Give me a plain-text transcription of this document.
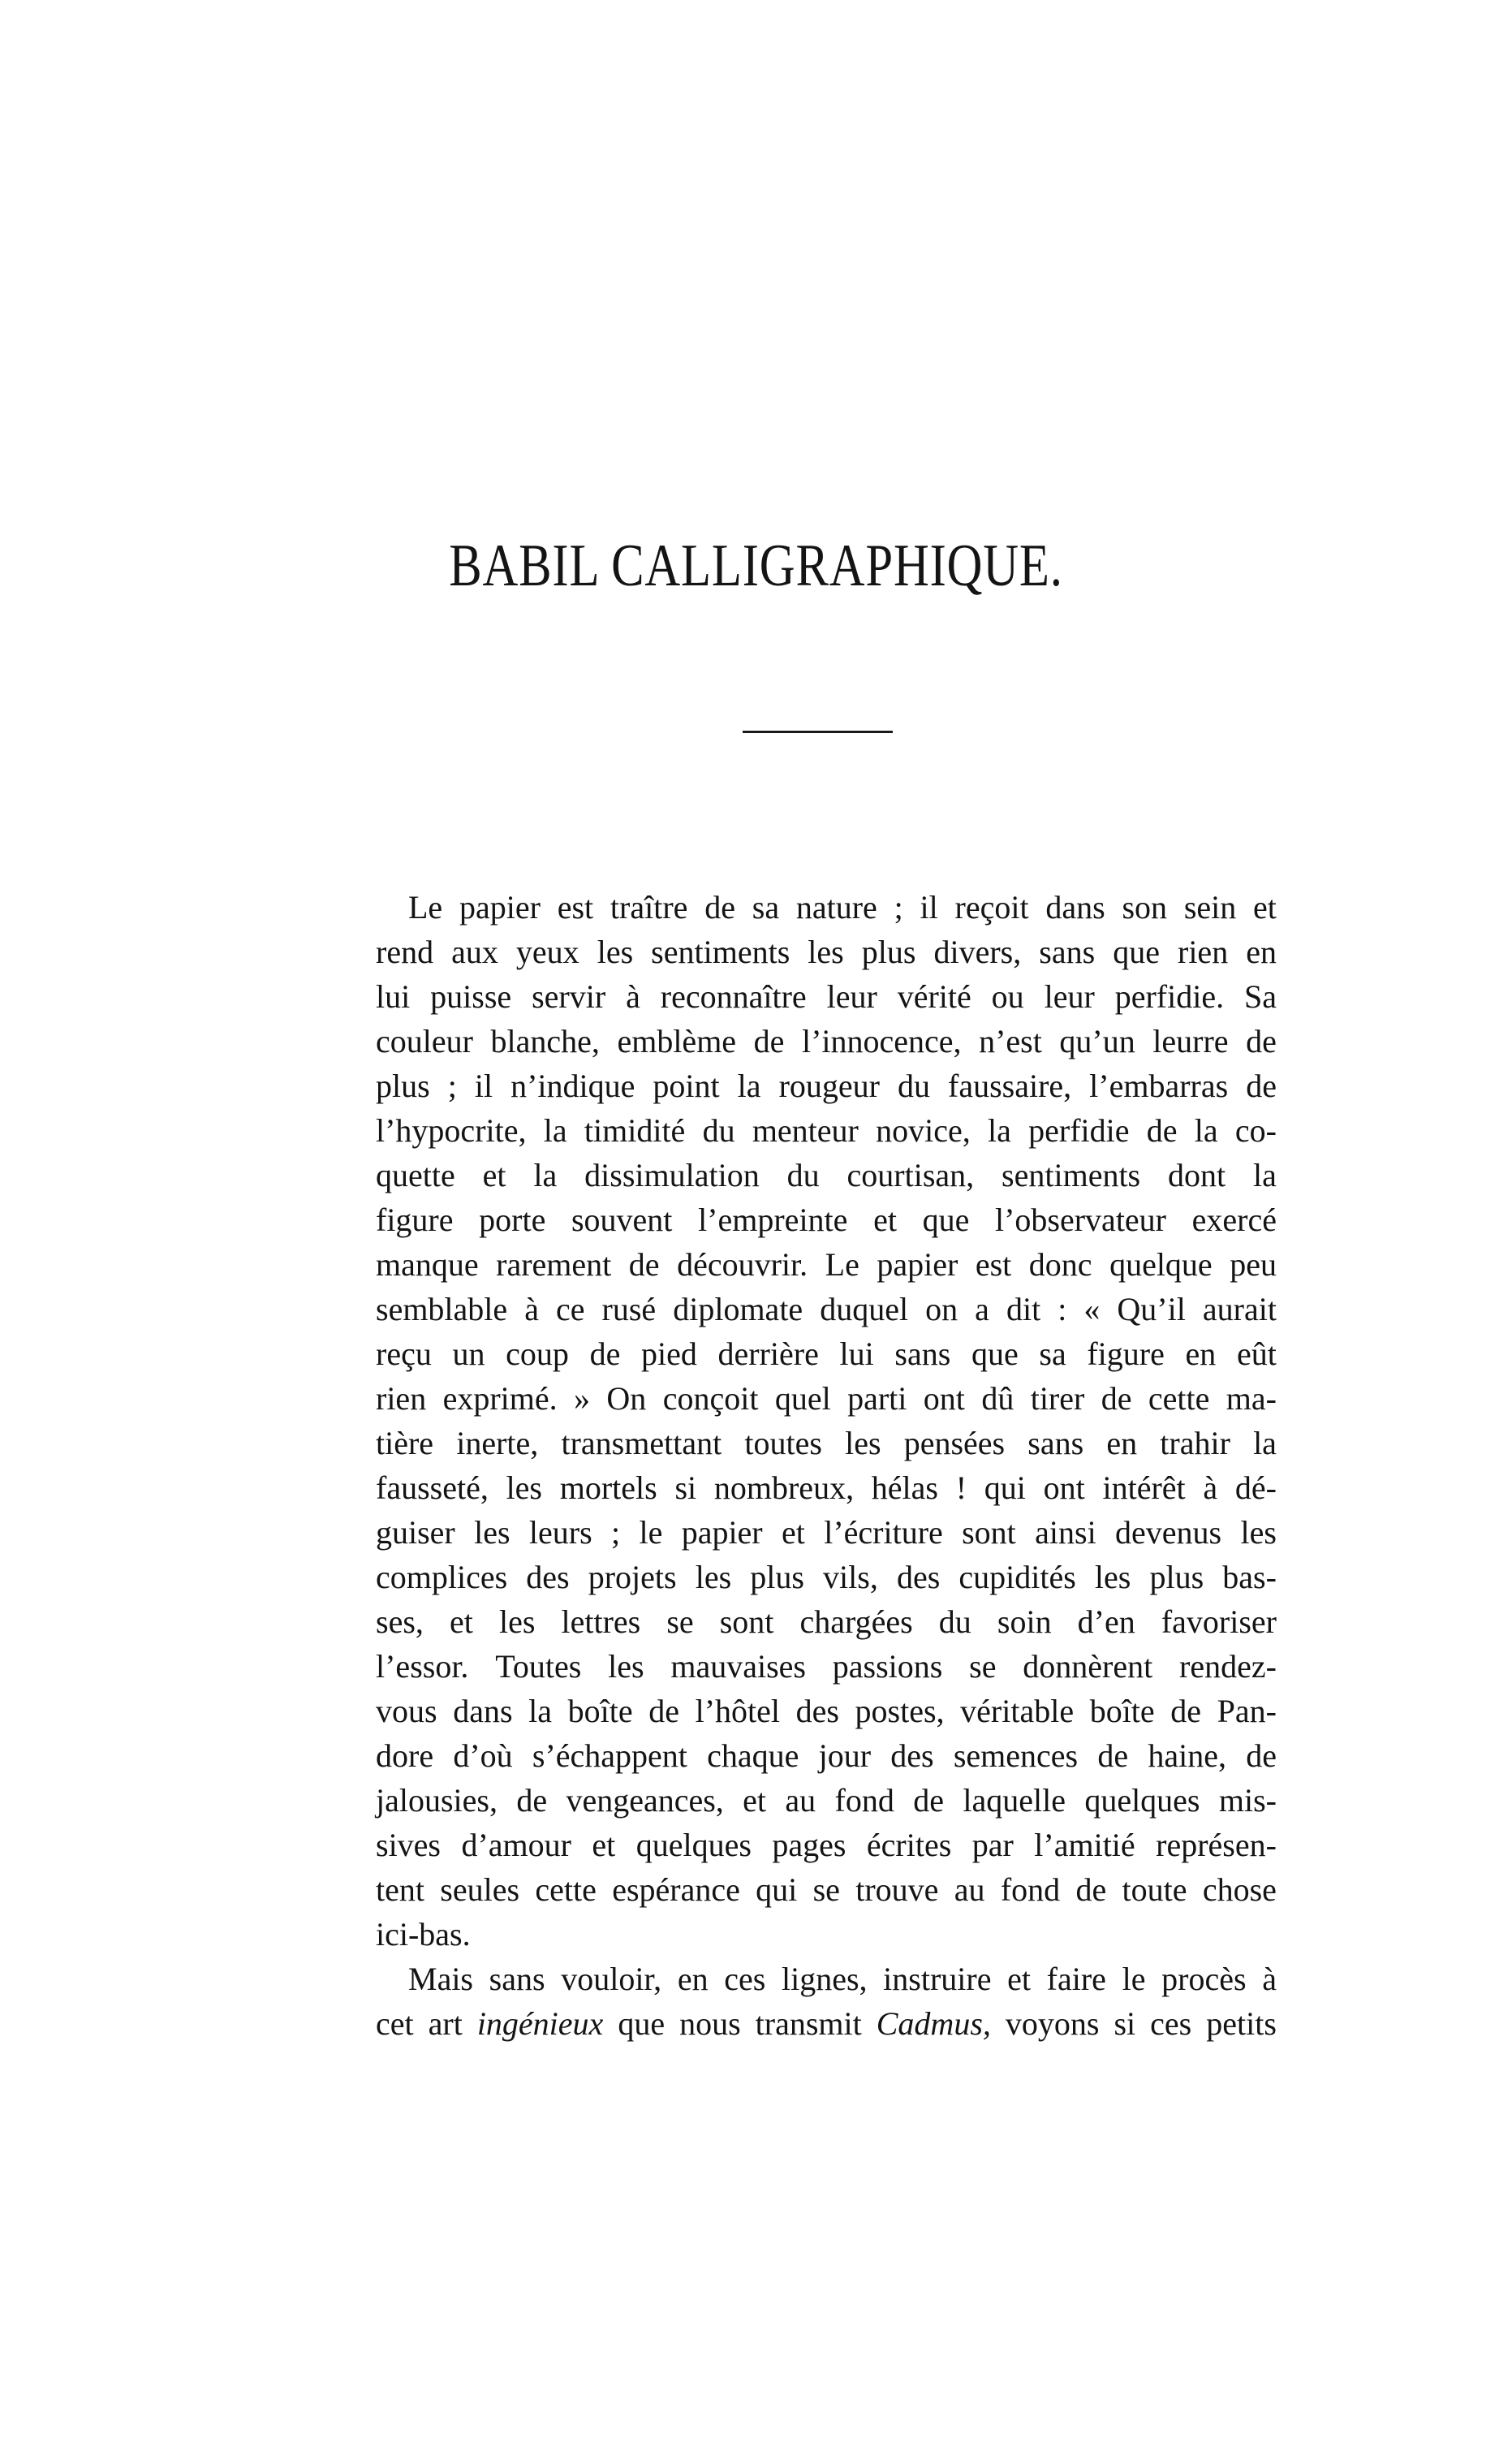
BABIL CALLIGRAPHIQUE.
Le papier est traître de sa nature ; il reçoit dans son sein et
rend aux yeux les sentiments les plus divers, sans que rien en
lui puisse servir à reconnaître leur vérité ou leur perfidie. Sa
couleur blanche, emblème de l’innocence, n’est qu’un leurre de
plus ; il n’indique point la rougeur du faussaire, l’embarras de
l’hypocrite, la timidité du menteur novice, la perfidie de la co-
quette et la dissimulation du courtisan, sentiments dont la
figure porte souvent l’empreinte et que l’observateur exercé
manque rarement de découvrir. Le papier est donc quelque peu
semblable à ce rusé diplomate duquel on a dit : « Qu’il aurait
reçu un coup de pied derrière lui sans que sa figure en eût
rien exprimé. » On conçoit quel parti ont dû tirer de cette ma-
tière inerte, transmettant toutes les pensées sans en trahir la
fausseté, les mortels si nombreux, hélas ! qui ont intérêt à dé-
guiser les leurs ; le papier et l’écriture sont ainsi devenus les
complices des projets les plus vils, des cupidités les plus bas-
ses, et les lettres se sont chargées du soin d’en favoriser
l’essor. Toutes les mauvaises passions se donnèrent rendez-
vous dans la boîte de l’hôtel des postes, véritable boîte de Pan-
dore d’où s’échappent chaque jour des semences de haine, de
jalousies, de vengeances, et au fond de laquelle quelques mis-
sives d’amour et quelques pages écrites par l’amitié représen-
tent seules cette espérance qui se trouve au fond de toute chose
ici-bas.
Mais sans vouloir, en ces lignes, instruire et faire le procès à
cet art ingénieux que nous transmit Cadmus, voyons si ces petits
